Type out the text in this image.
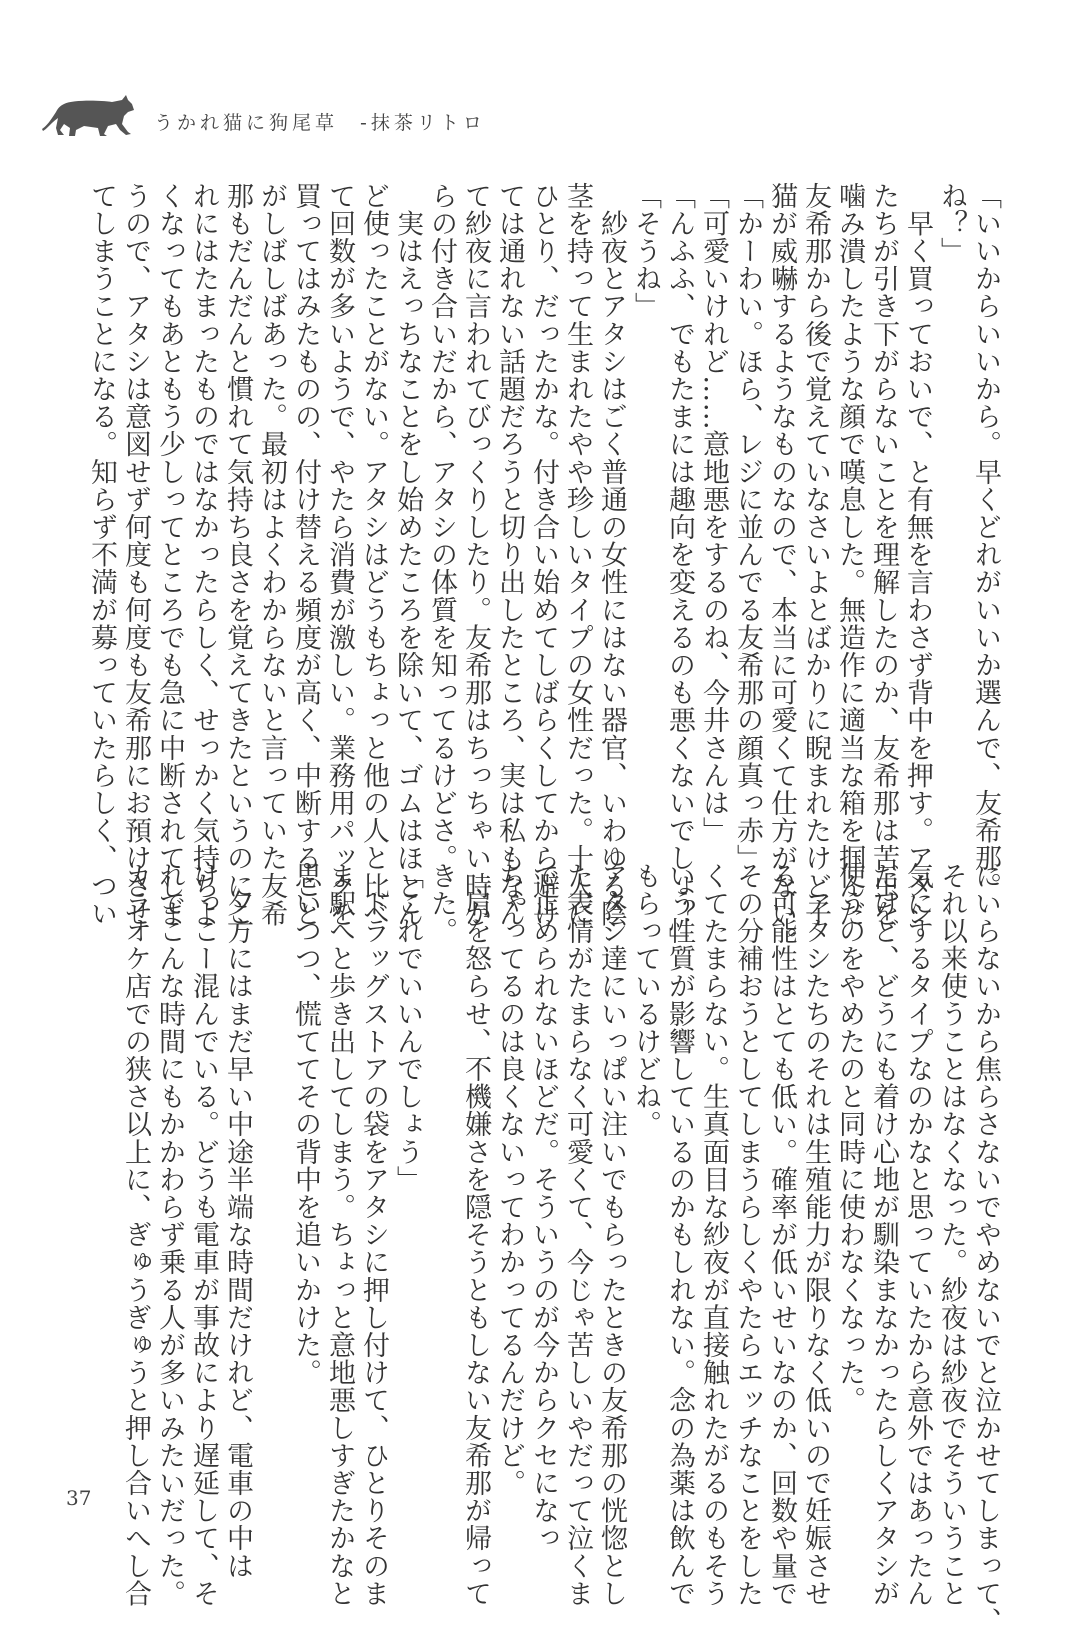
うかれ猫に狗尾草 -抹茶リトロ
「いいからいいから。早くどれがいいか選んで、友希那。
ね？」
　早く買っておいで、と有無を言わさず背中を押す。アタシ
たちが引き下がらないことを理解したのか、友希那は苦虫を
噛み潰したような顔で嘆息した。無造作に適当な箱を掴んだ
友希那から後で覚えていなさいよとばかりに睨まれたけど子
猫が威嚇するようなものなので、本当に可愛くて仕方がない。
「かーわい。ほら、レジに並んでる友希那の顔真っ赤」
「可愛いけれど……意地悪をするのね、今井さんは」
「んふふ、でもたまには趣向を変えるのも悪くないでしょ？」
「そうね」
　紗夜とアタシはごく普通の女性にはない器官、いわゆる陰
茎を持って生まれたやや珍しいタイプの女性だった。十人に
ひとり、だったかな。付き合い始めてしばらくしてから避け
ては通れない話題だろうと切り出したところ、実は私もなん
て紗夜に言われてびっくりしたり。友希那はちっちゃい時か
らの付き合いだから、アタシの体質を知ってるけどさ。
　実はえっちなことをし始めたころを除いて、ゴムはほとん
ど使ったことがない。アタシはどうもちょっと他の人と比べ
て回数が多いようで、やたら消費が激しい。業務用パックを
買ってはみたものの、付け替える頻度が高く、中断すること
がしばしばあった。最初はよくわからないと言っていた友希
那もだんだんと慣れて気持ち良さを覚えてきたというのにこ
れにはたまったものではなかったらしく、せっかく気持ちよ
くなってもあともう少しってところでも急に中断されてしま
うので、アタシは意図せず何度も何度も友希那にお預けさせ
てしまうことになる。知らず不満が募っていたらしく、つい
にいらないから焦らさないでやめないでと泣かせてしまって、
それ以来使うことはなくなった。紗夜は紗夜でそういうこと
気にするタイプなのかなと思っていたから意外ではあったん
だけど、どうにも着け心地が馴染まなかったらしくアタシが
使うのをやめたのと同時に使わなくなった。
　アタシたちのそれは生殖能力が限りなく低いので妊娠させ
る可能性はとても低い。確率が低いせいなのか、回数や量で
その分補おうとしてしまうらしくやたらエッチなことをした
くてたまらない。生真面目な紗夜が直接触れたがるのもそう
いう性質が影響しているのかもしれない。念の為薬は飲んで
もらっているけどね。
アタシ達にいっぱい注いでもらったときの友希那の恍惚とし
た表情がたまらなく可愛くて、今じゃ苦しいやだって泣くま
で止められないほどだ。そういうのが今からクセになっ
ちゃってるのは良くないってわかってるんだけど。
　肩を怒らせ、不機嫌さを隠そうともしない友希那が帰って
きた。
「これでいいんでしょう」
　ドラッグストアの袋をアタシに押し付けて、ひとりそのま
ま駅へと歩き出してしまう。ちょっと意地悪しすぎたかなと
思いつつ、慌ててその背中を追いかけた。
　夕方にはまだ早い中途半端な時間だけれど、電車の中は
けっこー混んでいる。どうも電車が事故により遅延して、そ
れでこんな時間にもかかわらず乗る人が多いみたいだった。
カラオケ店での狭さ以上に、ぎゅうぎゅうと押し合いへし合
37
